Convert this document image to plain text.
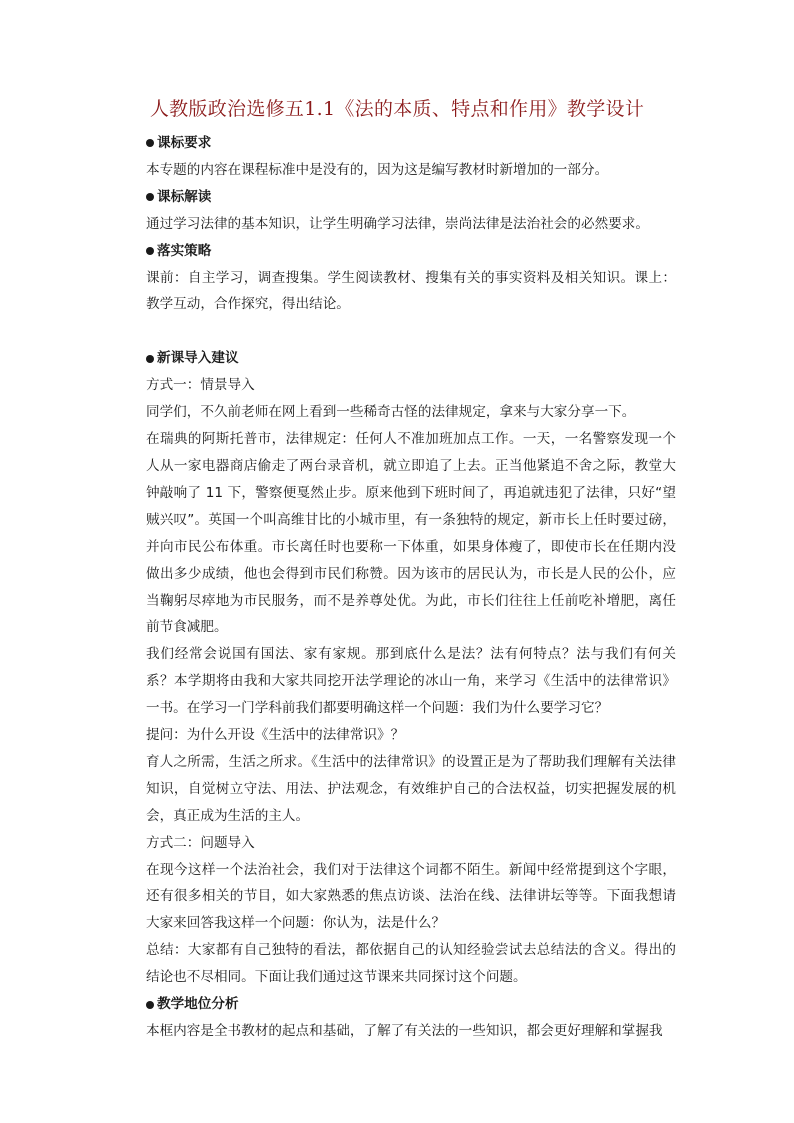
人教版政治选修五1.1《法的本质、特点和作用》教学设计

课标要求

本专题的内容在课程标准中是没有的，因为这是编写教材时新增加的一部分。

课标解读

通过学习法律的基本知识，让学生明确学习法律，崇尚法律是法治社会的必然要求。

落实策略

课前：自主学习，调查搜集。学生阅读教材、搜集有关的事实资料及相关知识。课上：教学互动，合作探究，得出结论。

新课导入建议

方式一：情景导入

同学们，不久前老师在网上看到一些稀奇古怪的法律规定，拿来与大家分享一下。

在瑞典的阿斯托普市，法律规定：任何人不准加班加点工作。一天，一名警察发现一个人从一家电器商店偷走了两台录音机，就立即追了上去。正当他紧追不舍之际，教堂大钟敲响了 11 下，警察便戛然止步。原来他到下班时间了，再追就违犯了法律，只好“望贼兴叹”。英国一个叫高维甘比的小城市里，有一条独特的规定，新市长上任时要过磅，并向市民公布体重。市长离任时也要称一下体重，如果身体瘦了，即使市长在任期内没做出多少成绩，他也会得到市民们称赞。因为该市的居民认为，市长是人民的公仆，应当鞠躬尽瘁地为市民服务，而不是养尊处优。为此，市长们往往上任前吃补增肥，离任前节食减肥。

我们经常会说国有国法、家有家规。那到底什么是法？法有何特点？法与我们有何关系？本学期将由我和大家共同挖开法学理论的冰山一角，来学习《生活中的法律常识》一书。在学习一门学科前我们都要明确这样一个问题：我们为什么要学习它？

提问：为什么开设《生活中的法律常识》？

育人之所需，生活之所求。《生活中的法律常识》的设置正是为了帮助我们理解有关法律知识，自觉树立守法、用法、护法观念，有效维护自己的合法权益，切实把握发展的机会，真正成为生活的主人。

方式二：问题导入

在现今这样一个法治社会，我们对于法律这个词都不陌生。新闻中经常提到这个字眼，还有很多相关的节目，如大家熟悉的焦点访谈、法治在线、法律讲坛等等。下面我想请大家来回答我这样一个问题：你认为，法是什么？

总结：大家都有自己独特的看法，都依据自己的认知经验尝试去总结法的含义。得出的结论也不尽相同。下面让我们通过这节课来共同探讨这个问题。

教学地位分析

本框内容是全书教材的起点和基础，了解了有关法的一些知识，都会更好理解和掌握我
